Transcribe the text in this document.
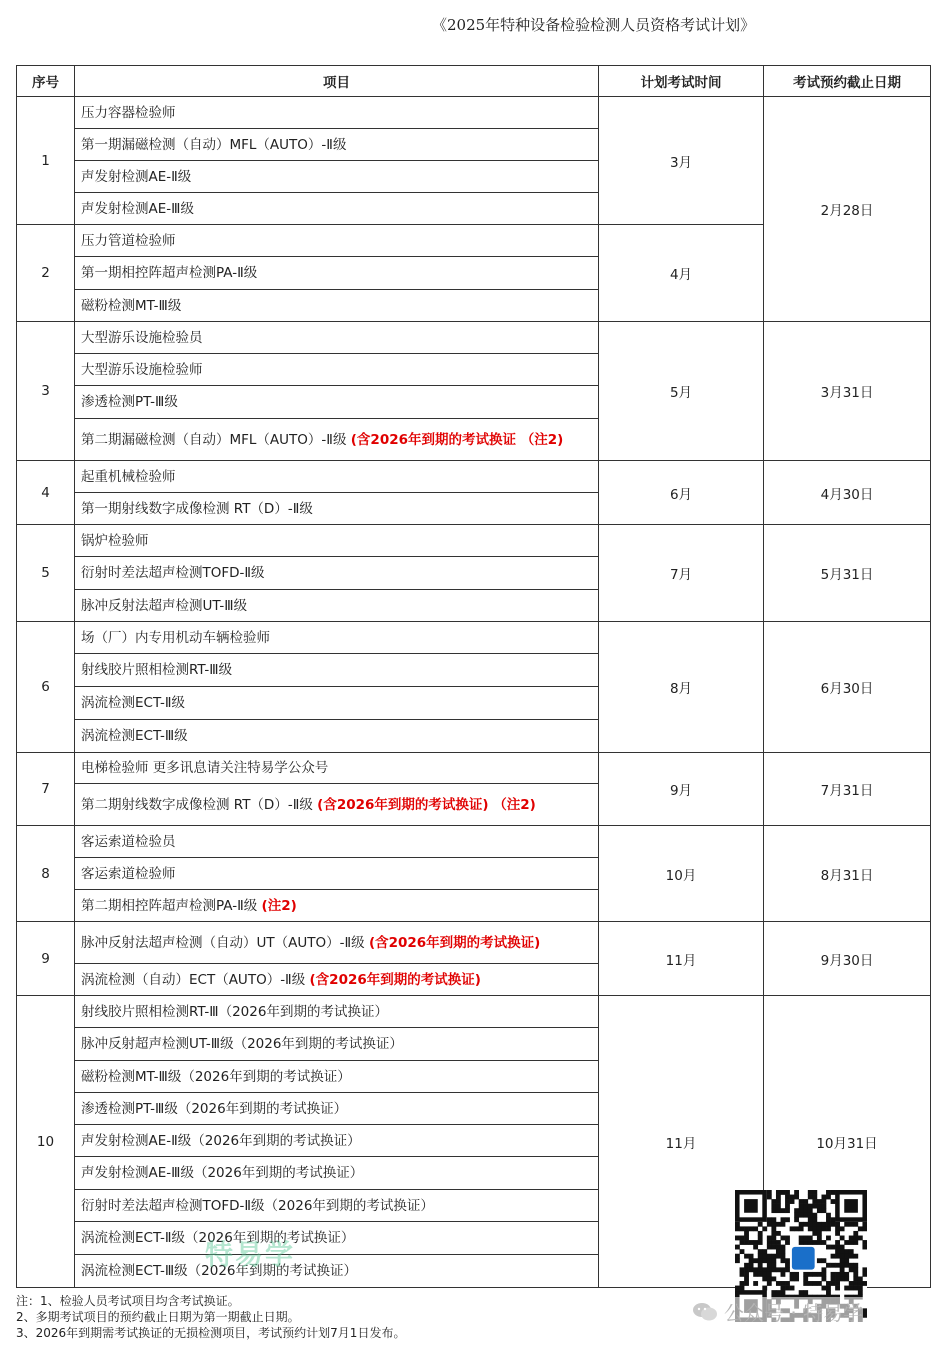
《2025年特种设备检验检测人员资格考试计划》
序号	项目	计划考试时间	考试预约截止日期
1	压力容器检验师	3月	2月28日
	第一期漏磁检测（自动）MFL（AUTO）-Ⅱ级		
	声发射检测AE-Ⅱ级		
	声发射检测AE-Ⅲ级		
2	压力管道检验师	4月	
	第一期相控阵超声检测PA-Ⅱ级		
	磁粉检测MT-Ⅲ级		
3	大型游乐设施检验员	5月	3月31日
	大型游乐设施检验师		
	渗透检测PT-Ⅲ级		
	第二期漏磁检测（自动）MFL（AUTO）-Ⅱ级 (含2026年到期的考试换证 （注2)		
4	起重机械检验师	6月	4月30日
	第一期射线数字成像检测 RT（D）-Ⅱ级		
5	锅炉检验师	7月	5月31日
	衍射时差法超声检测TOFD-Ⅱ级		
	脉冲反射法超声检测UT-Ⅲ级		
6	场（厂）内专用机动车辆检验师	8月	6月30日
	射线胶片照相检测RT-Ⅲ级		
	涡流检测ECT-Ⅱ级		
	涡流检测ECT-Ⅲ级		
7	电梯检验师 更多讯息请关注特易学公众号	9月	7月31日
	第二期射线数字成像检测 RT（D）-Ⅱ级 (含2026年到期的考试换证) （注2)		
8	客运索道检验员	10月	8月31日
	客运索道检验师		
	第二期相控阵超声检测PA-Ⅱ级 (注2)		
9	脉冲反射法超声检测（自动）UT（AUTO）-Ⅱ级 (含2026年到期的考试换证)	11月	9月30日
	涡流检测（自动）ECT（AUTO）-Ⅱ级 (含2026年到期的考试换证)		
10	射线胶片照相检测RT-Ⅲ（2026年到期的考试换证）	11月	10月31日
	脉冲反射超声检测UT-Ⅲ级（2026年到期的考试换证）		
	磁粉检测MT-Ⅲ级（2026年到期的考试换证）		
	渗透检测PT-Ⅲ级（2026年到期的考试换证）		
	声发射检测AE-Ⅱ级（2026年到期的考试换证）		
	声发射检测AE-Ⅲ级（2026年到期的考试换证）		
	衍射时差法超声检测TOFD-Ⅱ级（2026年到期的考试换证）		
	涡流检测ECT-Ⅱ级（2026年到期的考试换证）		
	涡流检测ECT-Ⅲ级（2026年到期的考试换证）		
特易学
公众号 · 特易学
注：1、检验人员考试项目均含考试换证。
2、多期考试项目的预约截止日期为第一期截止日期。
3、2026年到期需考试换证的无损检测项目，考试预约计划7月1日发布。
